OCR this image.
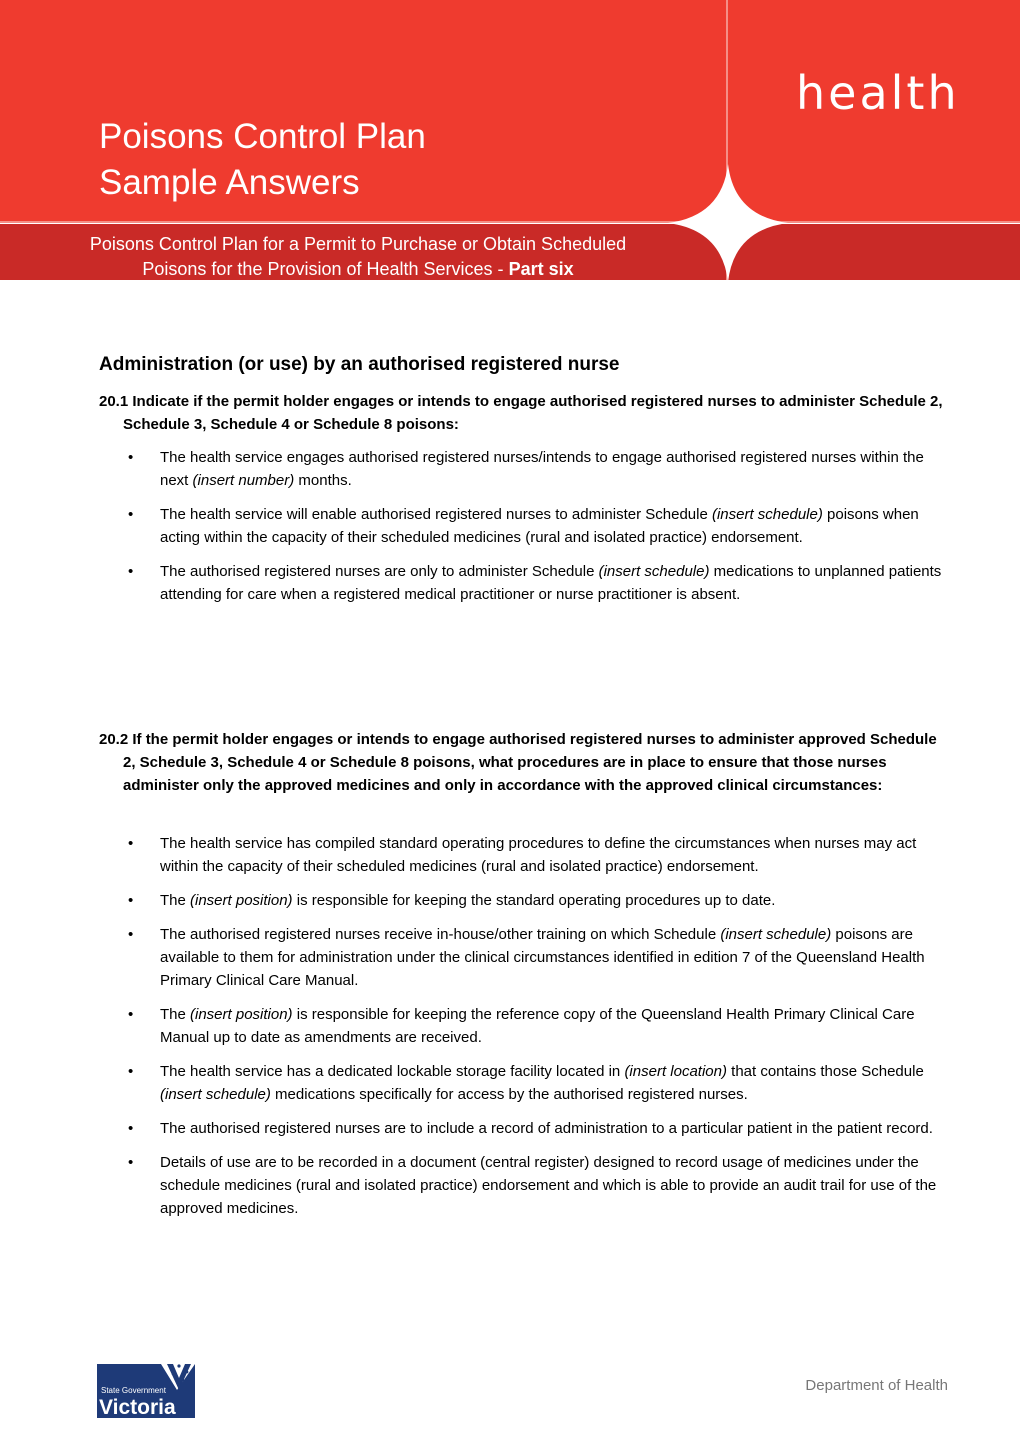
health
Poisons Control Plan
Sample Answers
Poisons Control Plan for a Permit to Purchase or Obtain Scheduled
Poisons for the Provision of Health Services - Part six
Administration (or use) by an authorised registered nurse
20.1 Indicate if the permit holder engages or intends to engage authorised registered nurses to administer Schedule 2, Schedule 3, Schedule 4 or Schedule 8 poisons:
•	The health service engages authorised registered nurses/intends to engage authorised registered nurses within the next (insert number) months.
•	The health service will enable authorised registered nurses to administer Schedule (insert schedule) poisons when acting within the capacity of their scheduled medicines (rural and isolated practice) endorsement.
•	The authorised registered nurses are only to administer Schedule (insert schedule) medications to unplanned patients attending for care when a registered medical practitioner or nurse practitioner is absent.
20.2 If the permit holder engages or intends to engage authorised registered nurses to administer approved Schedule 2, Schedule 3, Schedule 4 or Schedule 8 poisons, what procedures are in place to ensure that those nurses administer only the approved medicines and only in accordance with the approved clinical circumstances:
•	The health service has compiled standard operating procedures to define the circumstances when nurses may act within the capacity of their scheduled medicines (rural and isolated practice) endorsement.
•	The (insert position) is responsible for keeping the standard operating procedures up to date.
•	The authorised registered nurses receive in-house/other training on which Schedule (insert schedule) poisons are available to them for administration under the clinical circumstances identified in edition 7 of the Queensland Health Primary Clinical Care Manual.
•	The (insert position) is responsible for keeping the reference copy of the Queensland Health Primary Clinical Care Manual up to date as amendments are received.
•	The health service has a dedicated lockable storage facility located in (insert location) that contains those Schedule (insert schedule) medications specifically for access by the authorised registered nurses.
•	The authorised registered nurses are to include a record of administration to a particular patient in the patient record.
•	Details of use are to be recorded in a document (central register) designed to record usage of medicines under the schedule medicines (rural and isolated practice) endorsement and which is able to provide an audit trail for use of the approved medicines.
State Government
Victoria
Department of Health
